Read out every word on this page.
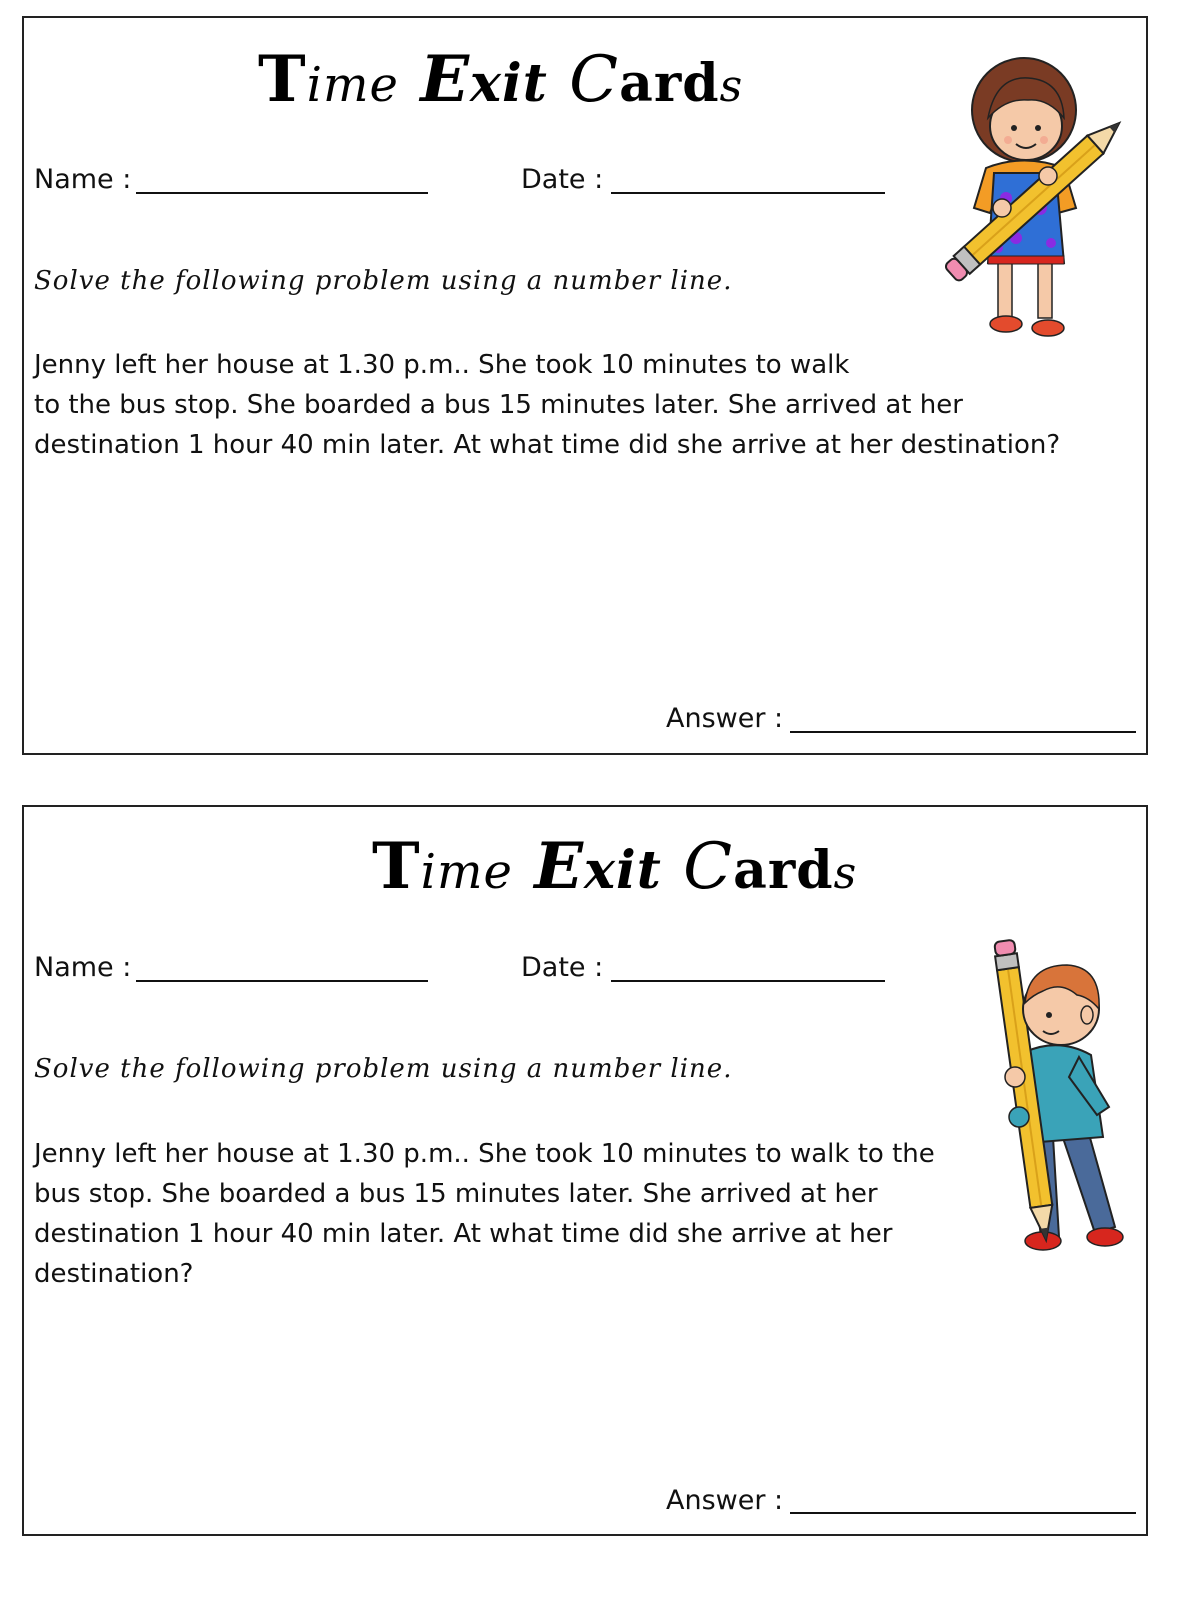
Time Exit Cards
Name :	Date :
Solve the following problem using a number line.
Jenny left her house at 1.30 p.m.. She took 10 minutes to walk
to the bus stop. She boarded a bus 15 minutes later. She arrived at her
destination 1 hour 40 min later. At what time did she arrive at her destination?
Answer :
Time Exit Cards
Name :	Date :
Solve the following problem using a number line.
Jenny left her house at 1.30 p.m.. She took 10 minutes to walk to the
bus stop. She boarded a bus 15 minutes later. She arrived at her
destination 1 hour 40 min later. At what time did she arrive at her
destination?
Answer :
